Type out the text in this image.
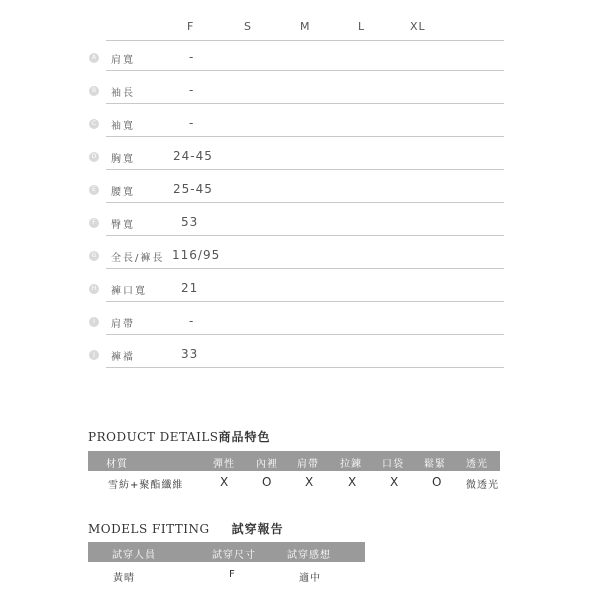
F	S	M	L	XL
A 肩寬	-
B 袖長	-
C 袖寬	-
D 胸寬	24-45
E	腰寬	25-45
F	臀寬	53
G 全長/褲長 116/95
H 褲口寬	21
I	肩帶	-
J	褲襠	33
PRODUCT DETAILS商品特色
材質	彈性 內裡 肩帶 拉鍊 口袋 鬆緊 透光
雪紡+聚酯纖維	X	O	X	X	X	O 微透光
MODELS FITTING 試穿報告
試穿人員	試穿尺寸	試穿感想
黃晴	F	適中
